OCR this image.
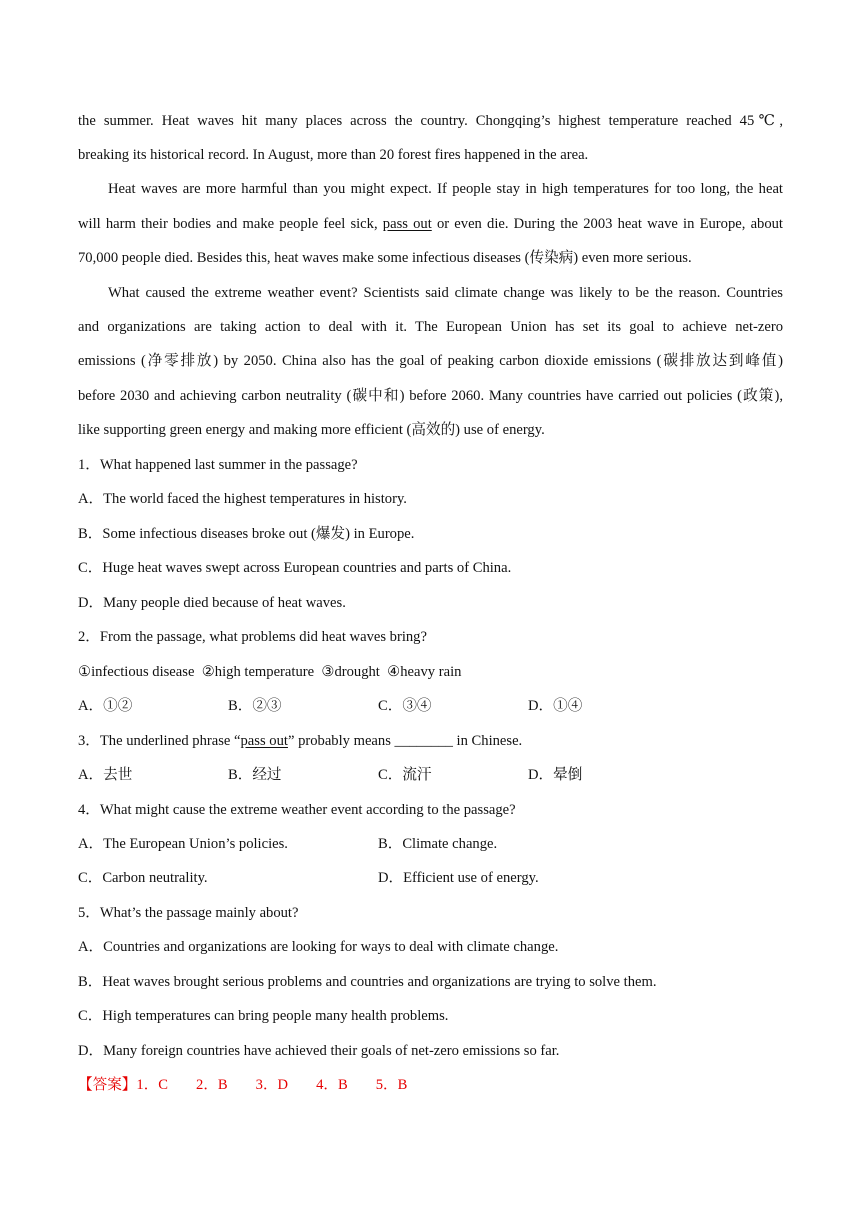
the summer. Heat waves hit many places across the country. Chongqing’s highest temperature reached 45℃,
breaking its historical record. In August, more than 20 forest fires happened in the area.
Heat waves are more harmful than you might expect. If people stay in high temperatures for too long, the heat
will harm their bodies and make people feel sick, pass out or even die. During the 2003 heat wave in Europe, about
70,000 people died. Besides this, heat waves make some infectious diseases (传染病) even more serious.
What caused the extreme weather event? Scientists said climate change was likely to be the reason. Countries
and organizations are taking action to deal with it. The European Union has set its goal to achieve net-zero
emissions (净零排放) by 2050. China also has the goal of peaking carbon dioxide emissions (碳排放达到峰值)
before 2030 and achieving carbon neutrality (碳中和) before 2060. Many countries have carried out policies (政策),
like supporting green energy and making more efficient (高效的) use of energy.
1．What happened last summer in the passage?
A．The world faced the highest temperatures in history.
B．Some infectious diseases broke out (爆发) in Europe.
C．Huge heat waves swept across European countries and parts of China.
D．Many people died because of heat waves.
2．From the passage, what problems did heat waves bring?
①infectious disease  ②high temperature  ③drought  ④heavy rain
A．①②	B．②③	C．③④	D．①④
3．The underlined phrase “pass out” probably means ________ in Chinese.
A．去世	B．经过	C．流汗	D．晕倒
4．What might cause the extreme weather event according to the passage?
A．The European Union’s policies.	B．Climate change.
C．Carbon neutrality.	D．Efficient use of energy.
5．What’s the passage mainly about?
A．Countries and organizations are looking for ways to deal with climate change.
B．Heat waves brought serious problems and countries and organizations are trying to solve them.
C．High temperatures can bring people many health problems.
D．Many foreign countries have achieved their goals of net-zero emissions so far.
【答案】1．C 2．B 3．D 4．B 5．B
